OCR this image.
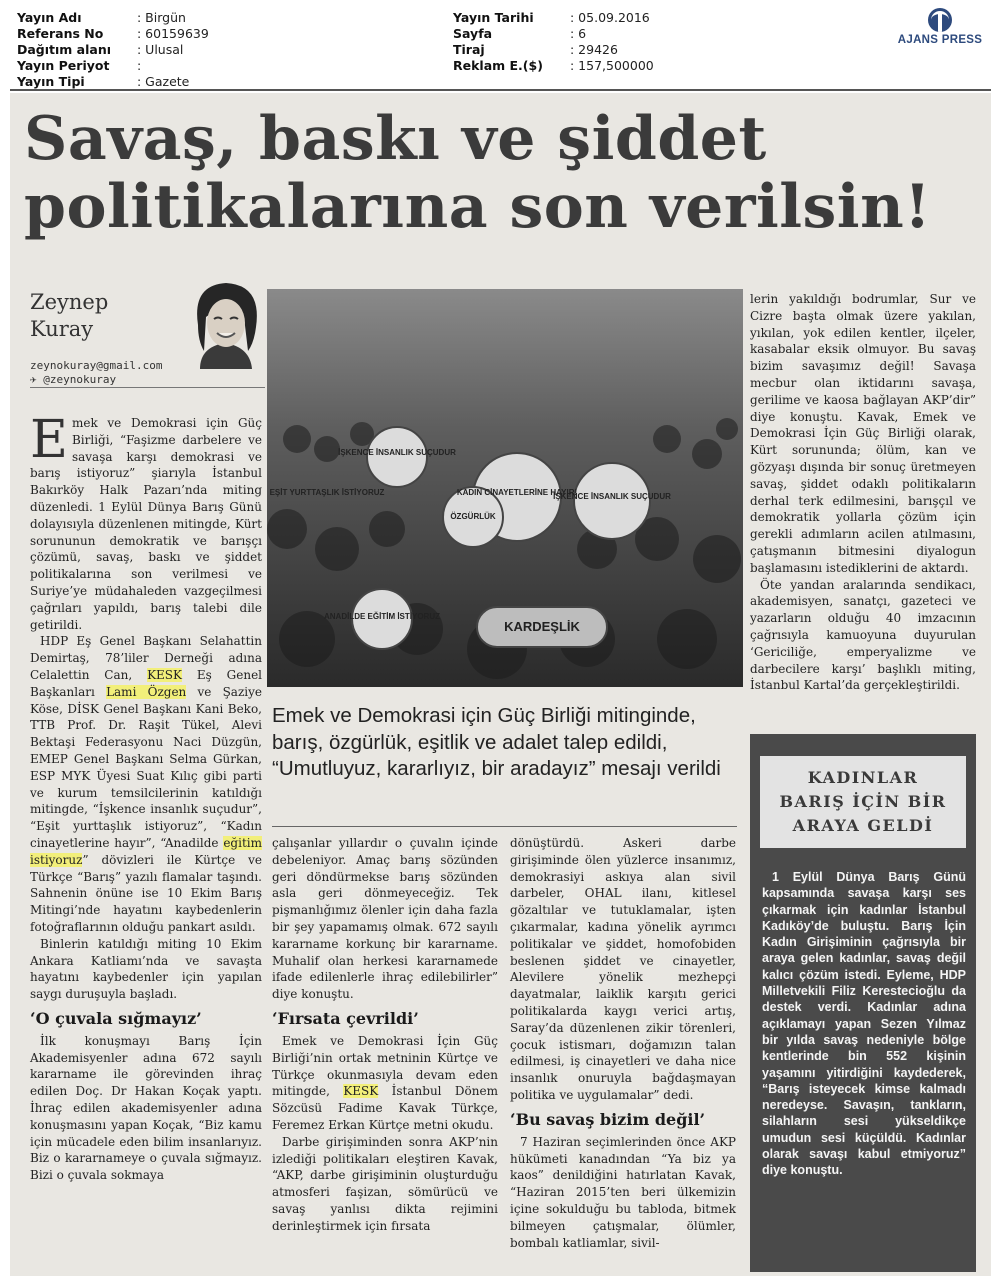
Yayın Adı	: Birgün
Referans No	: 60159639
Dağıtım alanı	: Ulusal
Yayın Periyot	:
Yayın Tipi	: Gazete
Yayın Tarihi	: 05.09.2016
Sayfa	: 6
Tiraj	: 29426
Reklam E.($)	: 157,500000
AJANS PRESS
Savaş, baskı ve şiddet politikalarına son verilsin!
Zeynep
Kuray
zeynokuray@gmail.com
✈ @zeynokuray

Emek ve Demokrasi için Güç Birliği, “Faşizme darbelere ve savaşa karşı demokrasi ve barış istiyoruz” şiarıyla İstanbul Bakırköy Halk Pazarı’nda miting düzenledi. 1 Eylül Dünya Barış Günü dolayısıyla düzenlenen mitingde, Kürt sorununun demokratik ve barışçı çözümü, savaş, baskı ve şiddet politikalarına son verilmesi ve Suriye’ye müdahaleden vazgeçilmesi çağrıları yapıldı, barış talebi dile getirildi.

HDP Eş Genel Başkanı Selahattin Demirtaş, 78’liler Derneği adına Celalettin Can, KESK Eş Genel Başkanları Lami Özgen ve Şaziye Köse, DİSK Genel Başkanı Kani Beko, TTB Prof. Dr. Raşit Tükel, Alevi Bektaşi Federasyonu Naci Düzgün, EMEP Genel Başkanı Selma Gürkan, ESP MYK Üyesi Suat Kılıç gibi parti ve kurum temsilcilerinin katıldığı mitingde, “İşkence insanlık suçudur”, “Eşit yurttaşlık istiyoruz”, “Kadın cinayetlerine hayır”, “Anadilde eğitim istiyoruz” dövizleri ile Kürtçe ve Türkçe “Barış” yazılı flamalar taşındı. Sahnenin önüne ise 10 Ekim Barış Mitingi’nde hayatını kaybedenlerin fotoğraflarının olduğu pankart asıldı.

Binlerin katıldığı miting 10 Ekim Ankara Katliamı’nda ve savaşta hayatını kaybedenler için yapılan saygı duruşuyla başladı.

‘O çuvala sığmayız’

İlk konuşmayı Barış İçin Akademisyenler adına 672 sayılı kararname ile görevinden ihraç edilen Doç. Dr Hakan Koçak yaptı. İhraç edilen akademisyenler adına konuşmasını yapan Koçak, “Biz kamu için mücadele eden bilim insanlarıyız. Biz o kararnameye o çuvala sığmayız. Bizi o çuvala sokmaya

İŞKENCE İNSANLIK SUÇUDUR
KADIN CİNAYETLERİNE HAYIR!
ÖZGÜRLÜK
İŞKENCE İNSANLIK SUÇUDUR
ANADİLDE EĞİTİM İSTİYORUZ
KARDEŞLİK
EŞİT YURTTAŞLIK İSTİYORUZ
Emek ve Demokrasi için Güç Birliği mitinginde, barış, özgürlük, eşitlik ve adalet talep edildi, “Umutluyuz, kararlıyız, bir aradayız” mesajı verildi

çalışanlar yıllardır o çuvalın içinde debeleniyor. Amaç barış sözünden geri döndürmekse barış sözünden asla geri dönmeyeceğiz. Tek pişmanlığımız ölenler için daha fazla bir şey yapamamış olmak. 672 sayılı kararname korkunç bir kararname. Muhalif olan herkesi kararnamede ifade edilenlerle ihraç edilebilirler” diye konuştu.

‘Fırsata çevrildi’

Emek ve Demokrasi İçin Güç Birliği’nin ortak metninin Kürtçe ve Türkçe okunmasıyla devam eden mitingde, KESK İstanbul Dönem Sözcüsü Fadime Kavak Türkçe, Feremez Erkan Kürtçe metni okudu.

Darbe girişiminden sonra AKP’nin izlediği politikaları eleştiren Kavak, “AKP, darbe girişiminin oluşturduğu atmosferi faşizan, sömürücü ve savaş yanlısı dikta rejimini derinleştirmek için fırsata

dönüştürdü. Askeri darbe girişiminde ölen yüzlerce insanımız, demokrasiyi askıya alan sivil darbeler, OHAL ilanı, kitlesel gözaltılar ve tutuklamalar, işten çıkarmalar, kadına yönelik ayrımcı politikalar ve şiddet, homofobiden beslenen şiddet ve cinayetler, Alevilere yönelik mezhepçi dayatmalar, laiklik karşıtı gerici politikalarda kaygı verici artış, Saray’da düzenlenen zikir törenleri, çocuk istismarı, doğamızın talan edilmesi, iş cinayetleri ve daha nice insanlık onuruyla bağdaşmayan politika ve uygulamalar” dedi.

‘Bu savaş bizim değil’

7 Haziran seçimlerinden önce AKP hükümeti kanadından “Ya biz ya kaos” denildiğini hatırlatan Kavak, “Haziran 2015’ten beri ülkemizin içine sokulduğu bu tabloda, bitmek bilmeyen çatışmalar, ölümler, bombalı katliamlar, sivil-

lerin yakıldığı bodrumlar, Sur ve Cizre başta olmak üzere yakılan, yıkılan, yok edilen kentler, ilçeler, kasabalar eksik olmuyor. Bu savaş bizim savaşımız değil! Savaşa mecbur olan iktidarını savaşa, gerilime ve kaosa bağlayan AKP’dir” diye konuştu. Kavak, Emek ve Demokrasi İçin Güç Birliği olarak, Kürt sorununda; ölüm, kan ve gözyaşı dışında bir sonuç üretmeyen savaş, şiddet odaklı politikaların derhal terk edilmesini, barışçıl ve demokratik yollarla çözüm için gerekli adımların acilen atılmasını, çatışmanın bitmesini diyalogun başlamasını istediklerini de aktardı.

Öte yandan aralarında sendikacı, akademisyen, sanatçı, gazeteci ve yazarların olduğu 40 imzacının çağrısıyla kamuoyuna duyurulan ‘Gericiliğe, emperyalizme ve darbecilere karşı’ başlıklı miting, İstanbul Kartal’da gerçekleştirildi.

KADINLAR
BARIŞ İÇİN BİR
ARAYA GELDİ

1 Eylül Dünya Barış Günü kapsamında savaşa karşı ses çıkarmak için kadınlar İstanbul Kadıköy’de buluştu. Barış İçin Kadın Girişiminin çağrısıyla bir araya gelen kadınlar, savaş değil kalıcı çözüm istedi. Eyleme, HDP Milletvekili Filiz Kerestecioğlu da destek verdi. Kadınlar adına açıklamayı yapan Sezen Yılmaz bir yılda savaş nedeniyle bölge kentlerinde bin 552 kişinin yaşamını yitirdiğini kaydederek, “Barış isteyecek kimse kalmadı neredeyse. Savaşın, tankların, silahların sesi yükseldikçe umudun sesi küçüldü. Kadınlar olarak savaşı kabul etmiyoruz” diye konuştu.
